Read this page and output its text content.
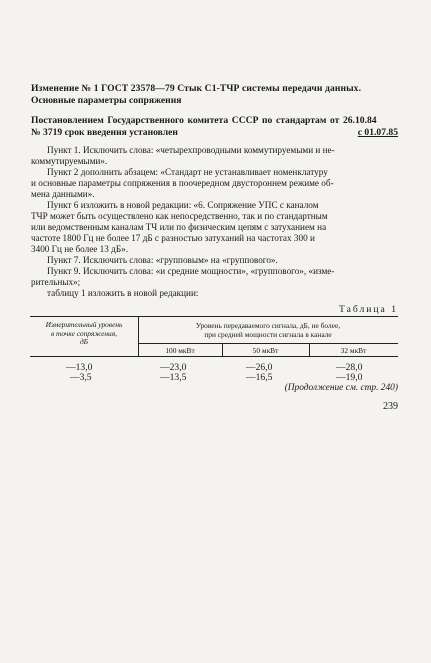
Изменение № 1 ГОСТ 23578—79 Стык С1-ТЧР системы передачи данных.
Основные параметры сопряжения
Постановлением Государственного комитета СССР по стандартам от 26.10.84
№ 3719 срок введения установлен	с 01.07.85
Пункт 1. Исключить слова: «четырехпроводными коммутируемыми и не-
коммутируемыми».
Пункт 2 дополнить абзацем: «Стандарт не устанавливает номенклатуру
и основные параметры сопряжения в поочередном двустороннем режиме об-
мена данными».
Пункт 6 изложить в новой редакции: «6. Сопряжение УПС с каналом
ТЧР может быть осуществлено как непосредственно, так и по стандартным
или ведомственным каналам ТЧ или по физическим цепям с затуханием на
частоте 1800 Гц не более 17 дБ с разностью затуханий на частотах 300 и
3400 Гц не более 13 дБ».
Пункт 7. Исключить слова: «групповым» на «группового».
Пункт 9. Исключить слова: «и средние мощности», «группового», «изме-
рительных»;
таблицу 1 изложить в новой редакции:
Таблица 1
Измерительный уровень
в точке сопряжения,
дБ
Уровень передаваемого сигнала, дБ, не более,
при средней мощности сигнала в канале
100 мкВт	50 мкВт	32 мкВт
—13,0	—23,0	—26,0	—28,0
—3,5	—13,5	—16,5	—19,0
(Продолжение см. стр. 240)
239
